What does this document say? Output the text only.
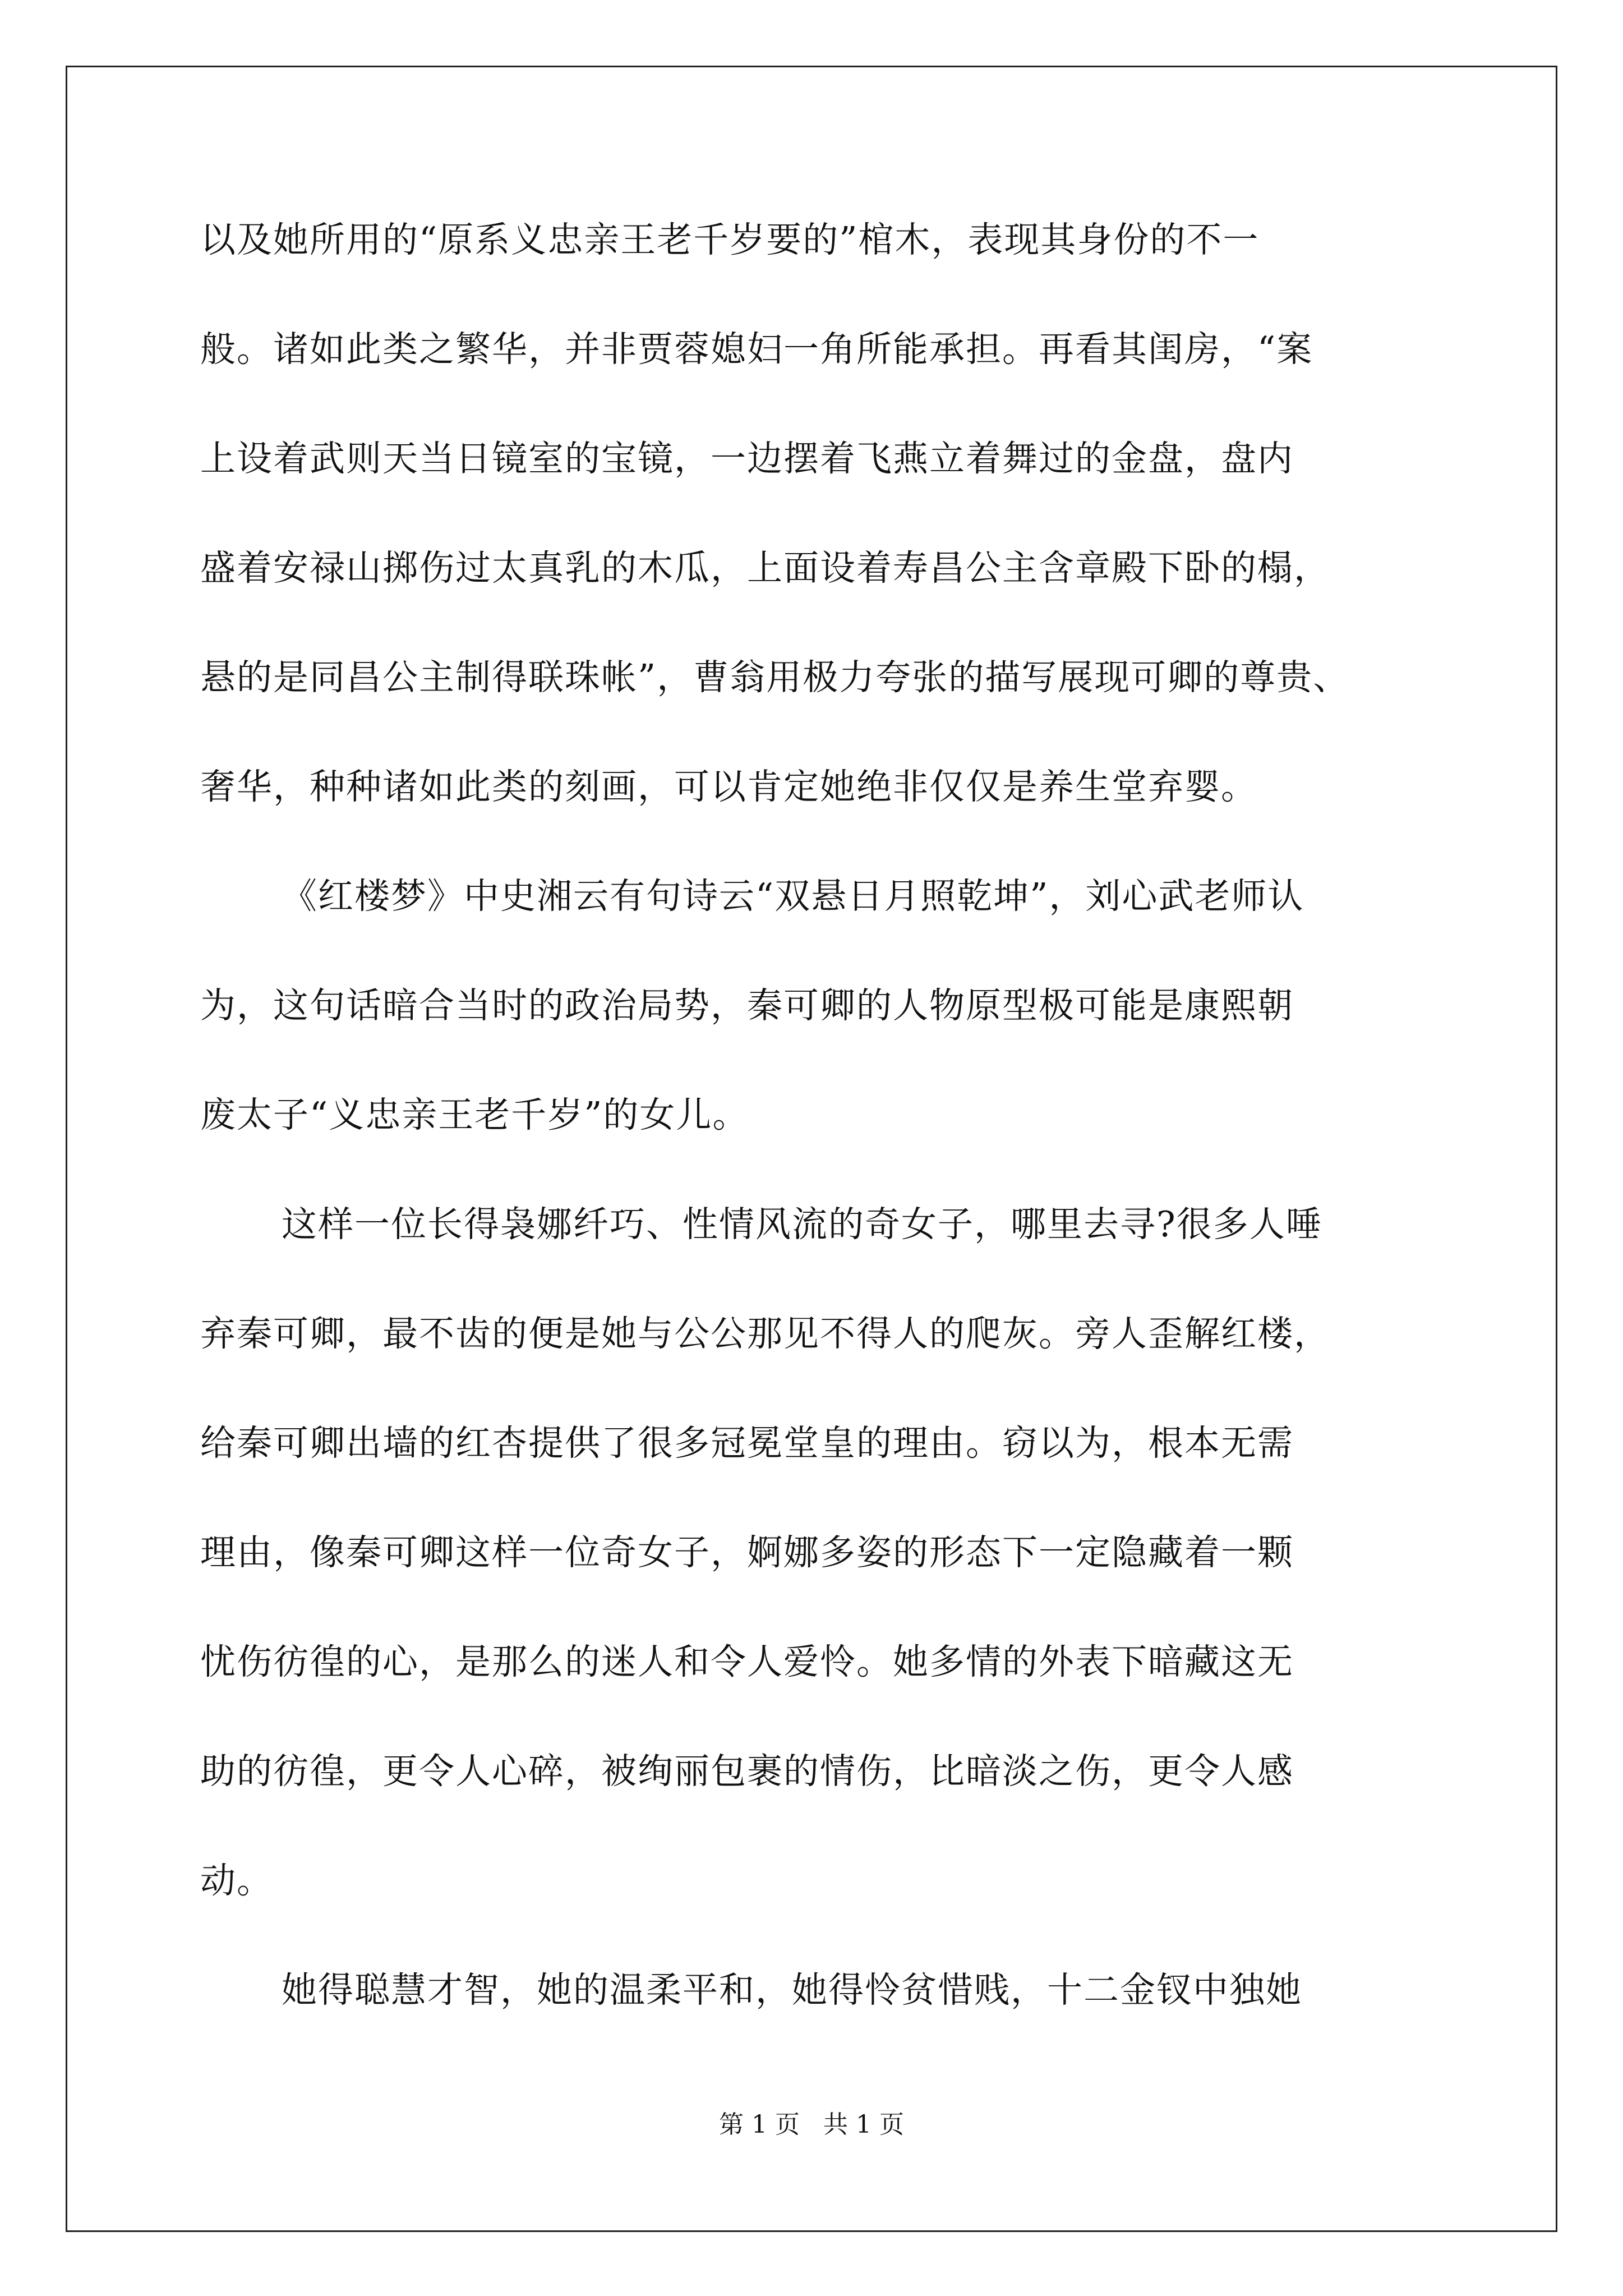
以及她所用的“原系义忠亲王老千岁要的”棺木，表现其身份的不一
般。诸如此类之繁华，并非贾蓉媳妇一角所能承担。再看其闺房，“案
上设着武则天当日镜室的宝镜，一边摆着飞燕立着舞过的金盘，盘内
盛着安禄山掷伤过太真乳的木瓜，上面设着寿昌公主含章殿下卧的榻，
悬的是同昌公主制得联珠帐”，曹翁用极力夸张的描写展现可卿的尊贵、
奢华，种种诸如此类的刻画，可以肯定她绝非仅仅是养生堂弃婴。
《红楼梦》中史湘云有句诗云“双悬日月照乾坤”，刘心武老师认
为，这句话暗合当时的政治局势，秦可卿的人物原型极可能是康熙朝
废太子“义忠亲王老千岁”的女儿。
这样一位长得袅娜纤巧、性情风流的奇女子，哪里去寻?很多人唾
弃秦可卿，最不齿的便是她与公公那见不得人的爬灰。旁人歪解红楼，
给秦可卿出墙的红杏提供了很多冠冕堂皇的理由。窃以为，根本无需
理由，像秦可卿这样一位奇女子，婀娜多姿的形态下一定隐藏着一颗
忧伤彷徨的心，是那么的迷人和令人爱怜。她多情的外表下暗藏这无
助的彷徨，更令人心碎，被绚丽包裹的情伤，比暗淡之伤，更令人感
动。
她得聪慧才智，她的温柔平和，她得怜贫惜贱，十二金钗中独她
第 1 页   共 1 页
